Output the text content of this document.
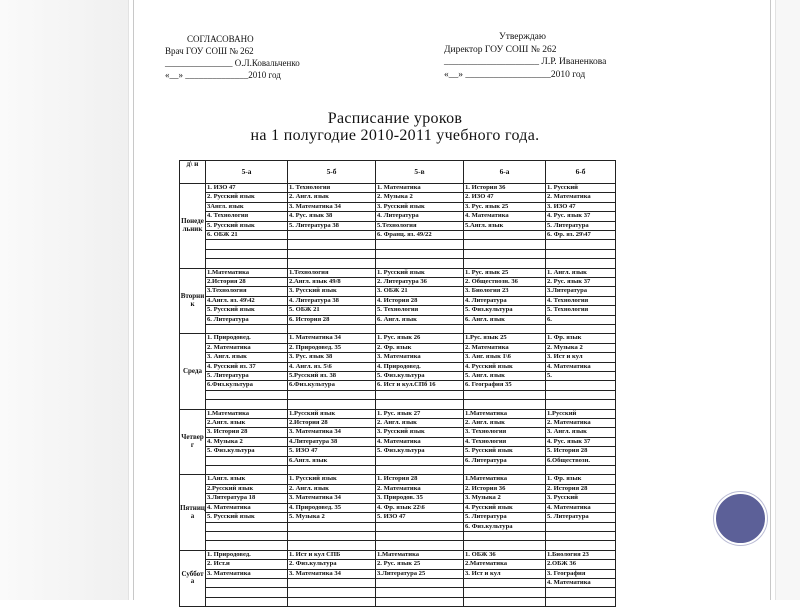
СОГЛАСОВАНО
Врач ГОУ СОШ № 262
_______________ О.Л.Ковальченко
«__» ______________2010 год
Утверждаю
Директор ГОУ СОШ № 262
____________________ Л.Р. Иваненкова
«__» __________________2010 год
Расписание уроков
на 1 полугодие 2010-2011 учебного года.
д\ н	5-а	5-б	5-в	6-а	6-б
Понедельник	1. ИЗО 47	1. Технология	1. Математика	1. История 36	1. Русский
	2. Русский язык	2. Англ. язык	2. Музыка 2	2. ИЗО 47	2. Математика
	3Англ. язык	3. Математика 34	3. Русский язык	3. Рус. язык 25	3. ИЗО 47
	4. Технология	4. Рус. язык 38	4. Литература	4. Математика	4. Рус. язык 37
	5. Русский язык	5. Литература 38	5.Технология	5.Англ. язык	5. Литература
	6. ОБЖ 21		6. Франц. яз. 49/22		6. Фр. яз. 29\47

Вторник	1.Математика	1.Технология	1. Русский язык	1. Рус. язык 25	1. Англ. язык
	2.История 28	2.Англ. язык 49/8	2. Литература 36	2. Обществозн. 36	2. Рус. язык 37
	3.Технология	3. Русский язык	3. ОБЖ 21	3. Биология 23	3.Литература
	4.Англ. яз. 49\42	4. Литература 38	4. История 28	4. Литература	4. Технология
	5. Русский язык	5. ОБЖ 21	5. Технология	5. Физ.культура	5. Технология
	6. Литература	6. История 28	6. Англ. язык	6. Англ. язык	6.

Среда	1. Природовед.	1. Математика 34	1. Рус. язык 26	1.Рус. язык 25	1. Фр. язык
	2. Математика	2. Природовед. 35	2. Фр. язык	2. Математика	2. Музыка 2
	3. Англ. язык	3. Рус. язык 38	3. Математика	3. Анг. язык 1\6	3. Ист и кул
	4. Русский яз. 37	4. Англ. яз. 5\6	4. Природовед.	4. Русский язык	4. Математика
	5. Литература	5.Русский яз. 38	5. Физ.культура	5. Англ. язык	5.
	6.Физ.культура	6.Физ.культура	6. Ист и кул.СПб 16	6. География 35	

Четверг	1.Математика	1.Русский язык	1. Рус. язык 27	1.Математика	1.Русский
	2.Англ. язык	2.История 28	2. Англ. язык	2. Англ. язык	2. Математика
	3. История 28	3. Математика 34	3. Русский язык	3. Технология	3. Англ. язык
	4. Музыка 2	4.Литература 38	4. Математика	4. Технология	4. Рус. язык 37
	5. Физ.культура	5. ИЗО 47	5. Физ.культура	5. Русский язык	5. История 28
		6.Англ. язык		6. Литература	6.Обществозн.

Пятница	1.Англ. язык	1. Русский язык	1. История 28	1.Математика	1. Фр. язык
	2.Русский язык	2. Англ. язык	2. Математика	2. История 36	2. История 28
	3.Литература 18	3. Математика 34	3. Природов. 35	3. Музыка 2	3. Русский
	4. Математика	4. Природовед. 35	4. Фр. язык 22\6	4. Русский язык	4. Математика
	5. Русский язык	5. Музыка 2	5. ИЗО 47	5. Литература	5. Литература
				6. Физ.культура	

Суббота	1. Природовед.	1. Ист и кул СПБ	1.Математика	1. ОБЖ 36	1.Биология 23
	2. Ист.и	2. Физ.культура	2. Рус. язык 25	2.Математика	2.ОБЖ 36
	3. Математика	3. Математика 34	3.Литература 25	3. Ист и кул	3. География
					4. Математика
